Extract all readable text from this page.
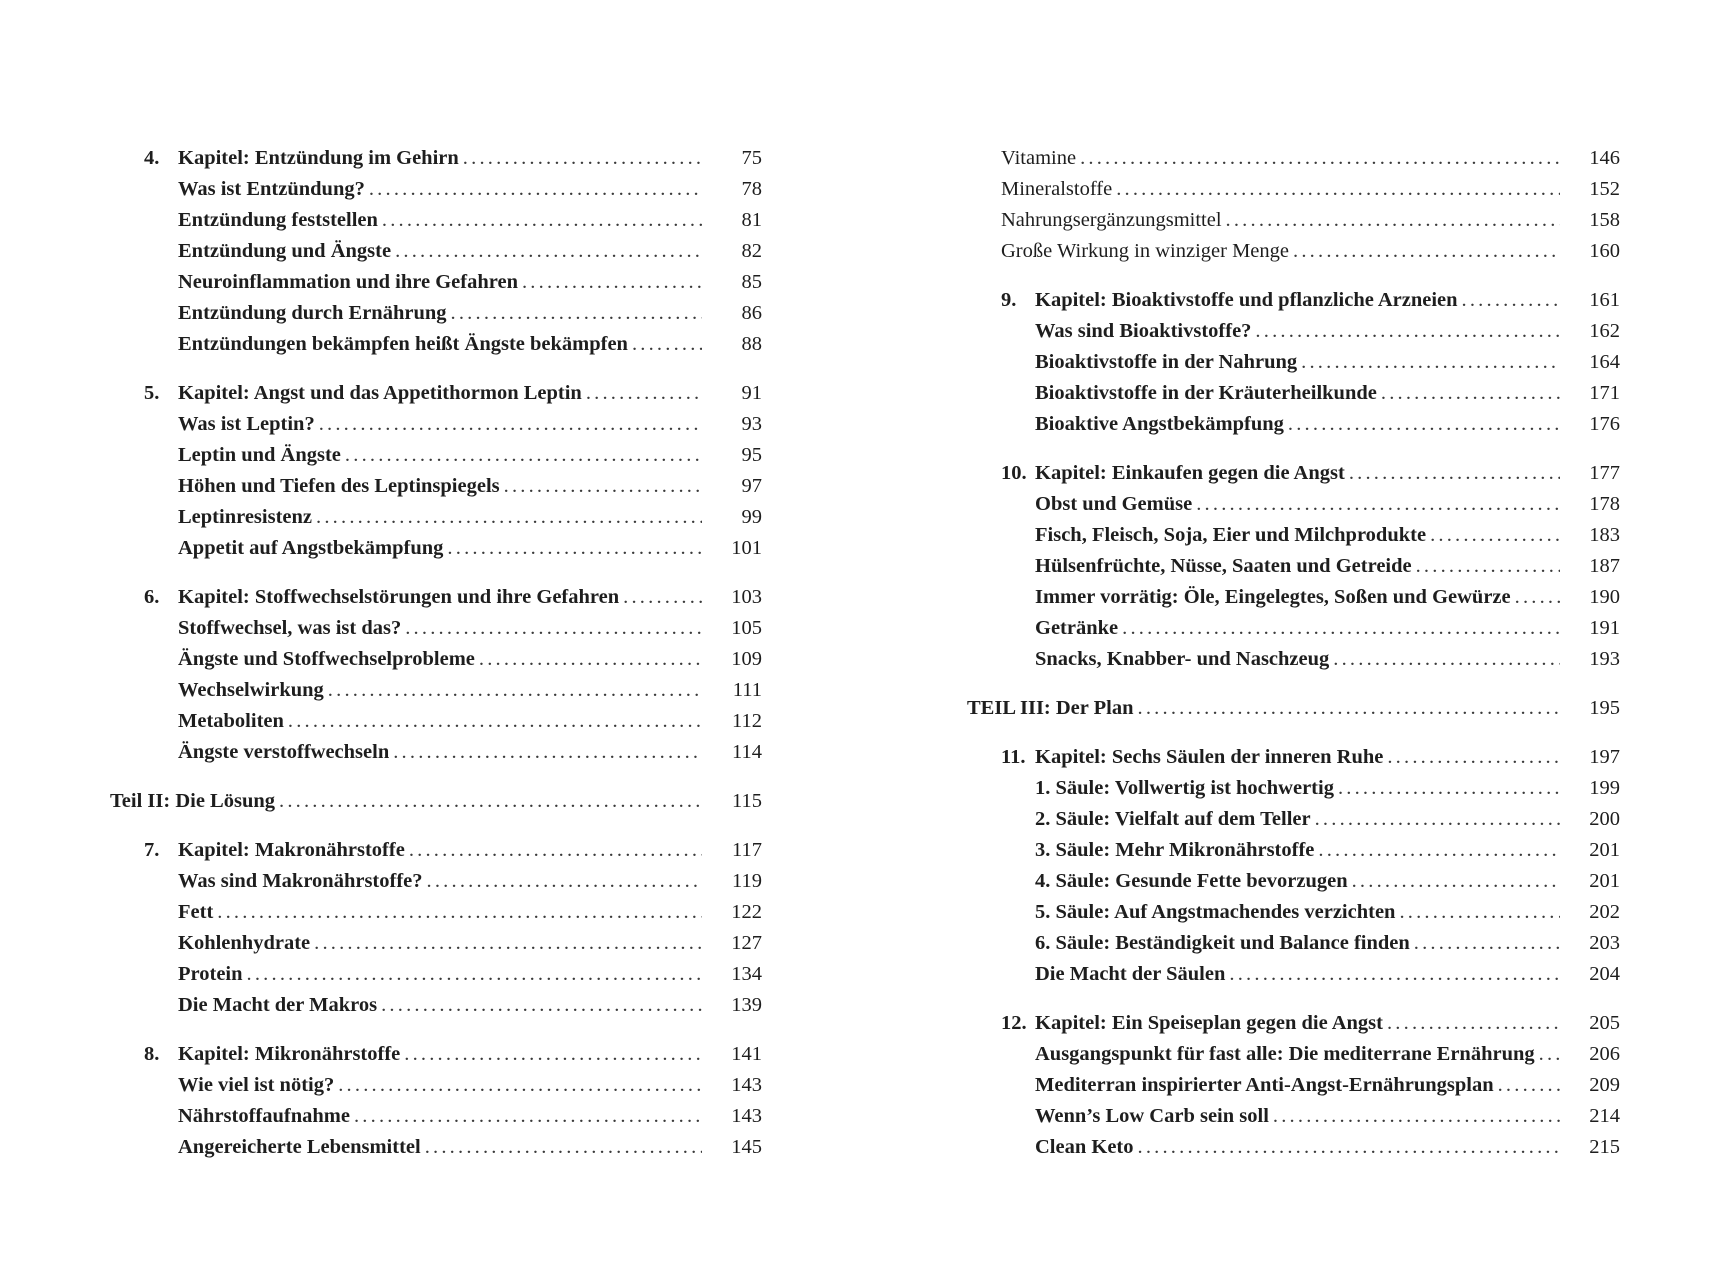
4. Kapitel: Entzündung im Gehirn .....	75
Was ist Entzündung? .....	78
Entzündung feststellen .....	81
Entzündung und Ängste .....	82
Neuroinflammation und ihre Gefahren .....	85
Entzündung durch Ernährung .....	86
Entzündungen bekämpfen heißt Ängste bekämpfen .....	88
5. Kapitel: Angst und das Appetithormon Leptin .....	91
Was ist Leptin? .....	93
Leptin und Ängste .....	95
Höhen und Tiefen des Leptinspiegels .....	97
Leptinresistenz .....	99
Appetit auf Angstbekämpfung .....	101
6. Kapitel: Stoffwechselstörungen und ihre Gefahren .....	103
Stoffwechsel, was ist das? .....	105
Ängste und Stoffwechselprobleme .....	109
Wechselwirkung .....	111
Metaboliten .....	112
Ängste verstoffwechseln .....	114
Teil II: Die Lösung .....	115
7. Kapitel: Makronährstoffe .....	117
Was sind Makronährstoffe? .....	119
Fett .....	122
Kohlenhydrate .....	127
Protein .....	134
Die Macht der Makros .....	139
8. Kapitel: Mikronährstoffe .....	141
Wie viel ist nötig? .....	143
Nährstoffaufnahme .....	143
Angereicherte Lebensmittel .....	145
Vitamine .....	146
Mineralstoffe .....	152
Nahrungsergänzungsmittel .....	158
Große Wirkung in winziger Menge .....	160
9. Kapitel: Bioaktivstoffe und pflanzliche Arzneien .....	161
Was sind Bioaktivstoffe? .....	162
Bioaktivstoffe in der Nahrung .....	164
Bioaktivstoffe in der Kräuterheilkunde .....	171
Bioaktive Angstbekämpfung .....	176
10. Kapitel: Einkaufen gegen die Angst .....	177
Obst und Gemüse .....	178
Fisch, Fleisch, Soja, Eier und Milchprodukte .....	183
Hülsenfrüchte, Nüsse, Saaten und Getreide .....	187
Immer vorrätig: Öle, Eingelegtes, Soßen und Gewürze .....	190
Getränke .....	191
Snacks, Knabber- und Naschzeug .....	193
TEIL III: Der Plan .....	195
11. Kapitel: Sechs Säulen der inneren Ruhe .....	197
1. Säule: Vollwertig ist hochwertig .....	199
2. Säule: Vielfalt auf dem Teller .....	200
3. Säule: Mehr Mikronährstoffe .....	201
4. Säule: Gesunde Fette bevorzugen .....	201
5. Säule: Auf Angstmachendes verzichten .....	202
6. Säule: Beständigkeit und Balance finden .....	203
Die Macht der Säulen .....	204
12. Kapitel: Ein Speiseplan gegen die Angst .....	205
Ausgangspunkt für fast alle: Die mediterrane Ernährung .....	206
Mediterran inspirierter Anti-Angst-Ernährungsplan .....	209
Wenn’s Low Carb sein soll .....	214
Clean Keto .....	215
